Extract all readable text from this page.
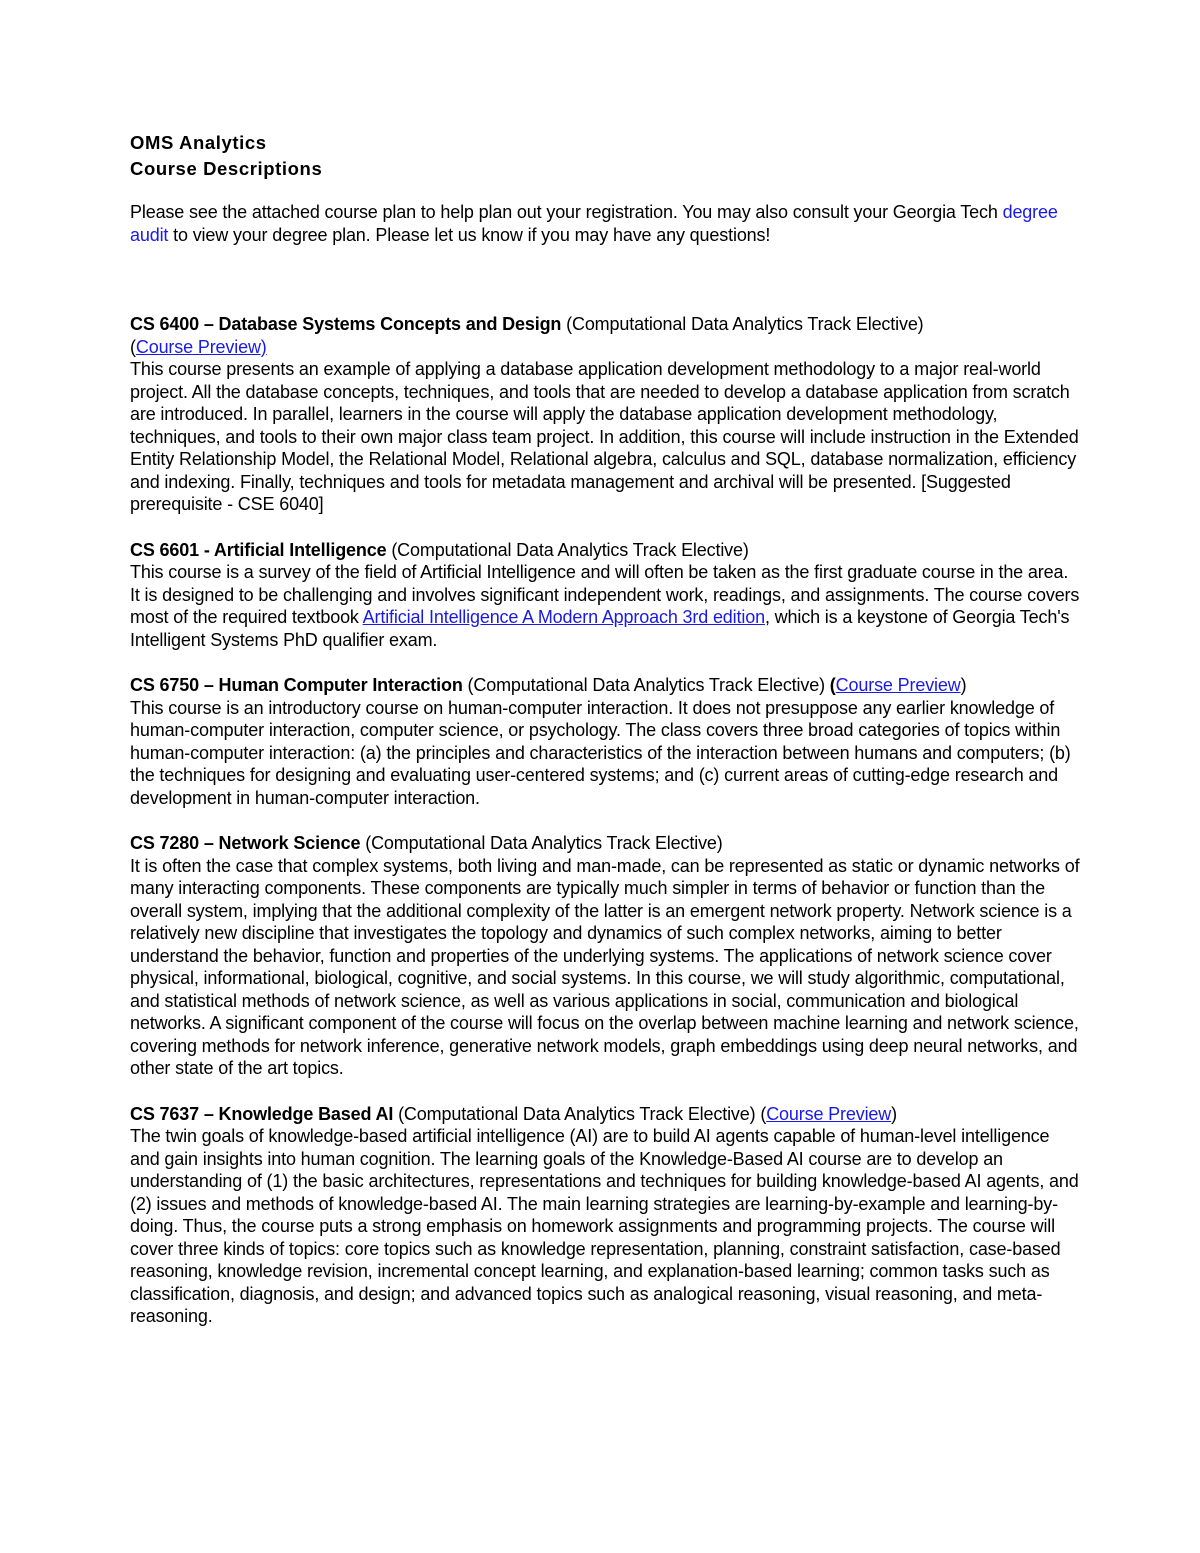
OMS Analytics
Course Descriptions

Please see the attached course plan to help plan out your registration. You may also consult your Georgia Tech degree audit to view your degree plan. Please let us know if you may have any questions!

CS 6400 – Database Systems Concepts and Design (Computational Data Analytics Track Elective)
(Course Preview)

This course presents an example of applying a database application development methodology to a major real-world project. All the database concepts, techniques, and tools that are needed to develop a database application from scratch are introduced. In parallel, learners in the course will apply the database application development methodology, techniques, and tools to their own major class team project. In addition, this course will include instruction in the Extended Entity Relationship Model, the Relational Model, Relational algebra, calculus and SQL, database normalization, efficiency and indexing. Finally, techniques and tools for metadata management and archival will be presented. [Suggested prerequisite - CSE 6040]

CS 6601 - Artificial Intelligence (Computational Data Analytics Track Elective)

This course is a survey of the field of Artificial Intelligence and will often be taken as the first graduate course in the area. It is designed to be challenging and involves significant independent work, readings, and assignments. The course covers most of the required textbook Artificial Intelligence A Modern Approach 3rd edition, which is a keystone of Georgia Tech's Intelligent Systems PhD qualifier exam.

CS 6750 – Human Computer Interaction (Computational Data Analytics Track Elective) (Course Preview)

This course is an introductory course on human-computer interaction. It does not presuppose any earlier knowledge of human-computer interaction, computer science, or psychology. The class covers three broad categories of topics within human-computer interaction: (a) the principles and characteristics of the interaction between humans and computers; (b) the techniques for designing and evaluating user-centered systems; and (c) current areas of cutting-edge research and development in human-computer interaction.

CS 7280 – Network Science (Computational Data Analytics Track Elective)

It is often the case that complex systems, both living and man-made, can be represented as static or dynamic networks of many interacting components. These components are typically much simpler in terms of behavior or function than the overall system, implying that the additional complexity of the latter is an emergent network property. Network science is a relatively new discipline that investigates the topology and dynamics of such complex networks, aiming to better understand the behavior, function and properties of the underlying systems. The applications of network science cover physical, informational, biological, cognitive, and social systems. In this course, we will study algorithmic, computational, and statistical methods of network science, as well as various applications in social, communication and biological networks. A significant component of the course will focus on the overlap between machine learning and network science, covering methods for network inference, generative network models, graph embeddings using deep neural networks, and other state of the art topics.

CS 7637 – Knowledge Based AI (Computational Data Analytics Track Elective) (Course Preview)

The twin goals of knowledge-based artificial intelligence (AI) are to build AI agents capable of human-level intelligence and gain insights into human cognition. The learning goals of the Knowledge-Based AI course are to develop an understanding of (1) the basic architectures, representations and techniques for building knowledge-based AI agents, and (2) issues and methods of knowledge-based AI. The main learning strategies are learning-by-example and learning-by-doing. Thus, the course puts a strong emphasis on homework assignments and programming projects. The course will cover three kinds of topics: core topics such as knowledge representation, planning, constraint satisfaction, case-based reasoning, knowledge revision, incremental concept learning, and explanation-based learning; common tasks such as classification, diagnosis, and design; and advanced topics such as analogical reasoning, visual reasoning, and meta-reasoning.
